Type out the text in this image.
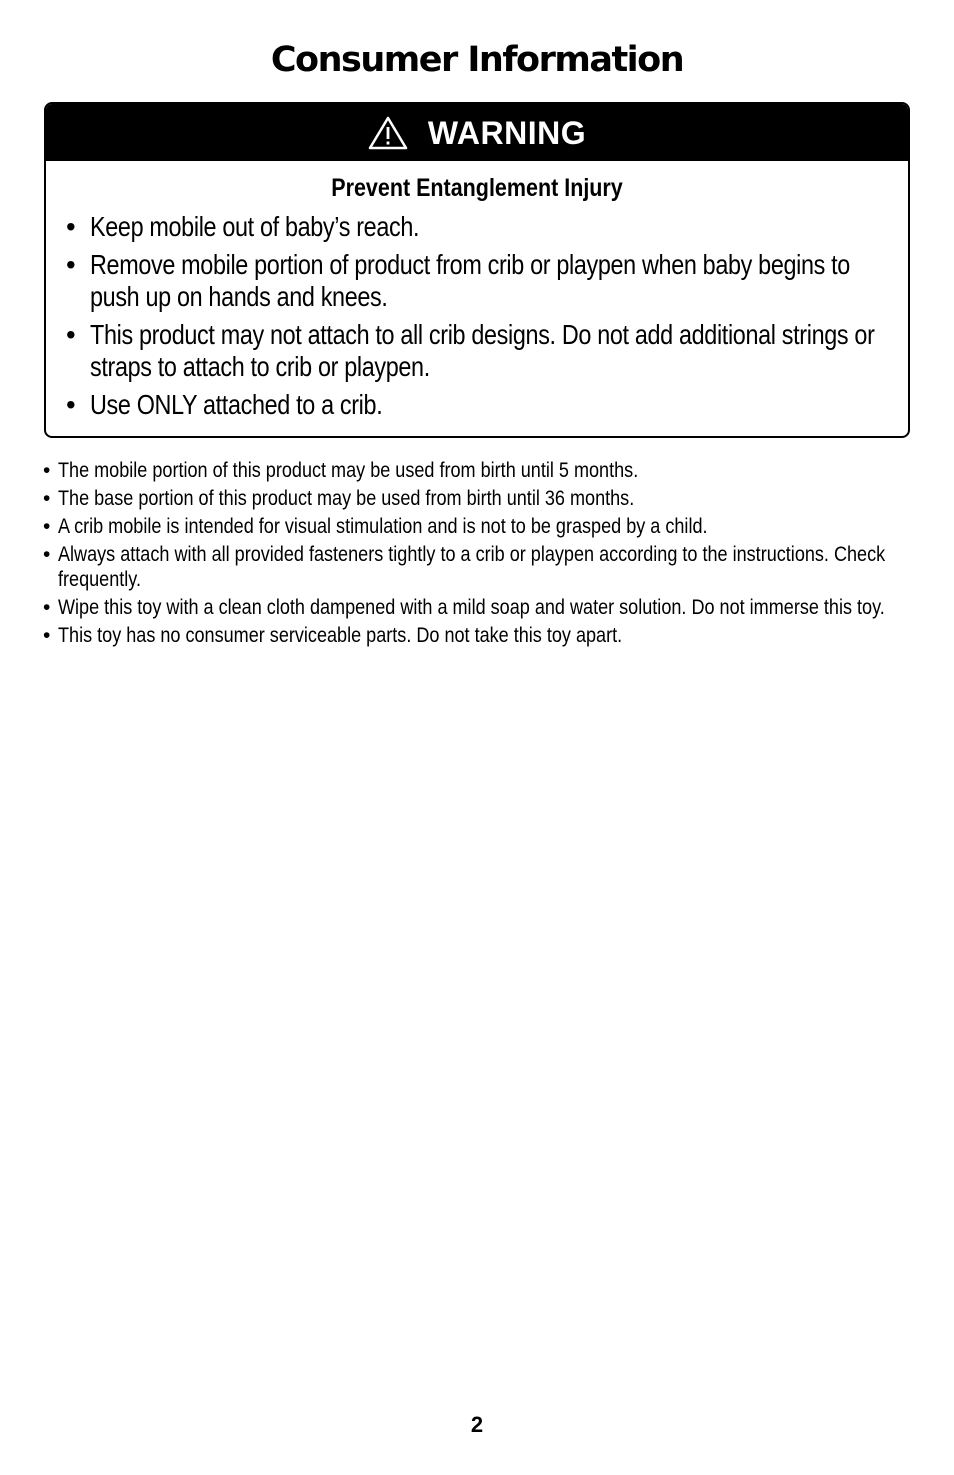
Consumer Information
WARNING
Prevent Entanglement Injury
• Keep mobile out of baby’s reach.
• Remove mobile portion of product from crib or playpen when baby begins to push up on hands and knees.
• This product may not attach to all crib designs. Do not add additional strings or straps to attach to crib or playpen.
• Use ONLY attached to a crib.
• The mobile portion of this product may be used from birth until 5 months.
• The base portion of this product may be used from birth until 36 months.
• A crib mobile is intended for visual stimulation and is not to be grasped by a child.
• Always attach with all provided fasteners tightly to a crib or playpen according to the instructions. Check frequently.
• Wipe this toy with a clean cloth dampened with a mild soap and water solution. Do not immerse this toy.
• This toy has no consumer serviceable parts. Do not take this toy apart.
2
